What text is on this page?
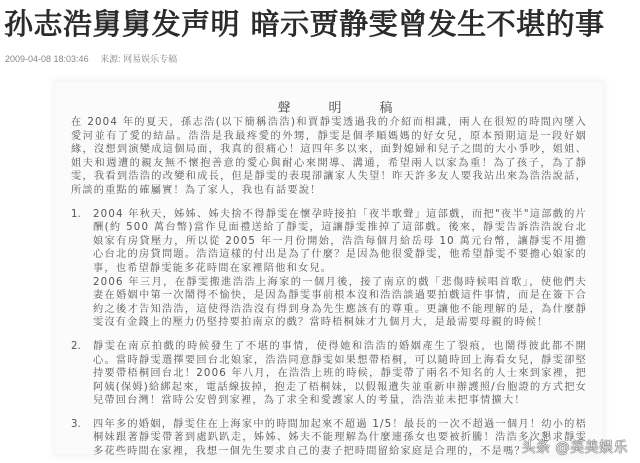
孙志浩舅舅发声明 暗示贾静雯曾发生不堪的事
2009-04-08 18:03:46 来源: 网易娱乐专稿
聲明稿

在 2004 年的夏天，孫志浩(以下簡稱浩浩)和賈靜雯透過我的介紹而相識，兩人在很短的時間內墜入愛河並有了愛的結晶。浩浩是我最疼愛的外甥，靜雯是個孝順媽媽的好女兒，原本預期這是一段好姻緣，沒想到演變成這個局面，我真的很痛心！這四年多以來，面對媳婦和兒子之間的大小爭吵，姐姐、姐夫和週遭的親友無不懷抱善意的愛心與耐心來開導、溝通，希望兩人以家為重！為了孩子，為了靜雯，我看到浩浩的改變和成長，但是靜雯的表現卻讓家人失望！昨天許多友人要我站出來為浩浩說話，所談的重點的確屬實！為了家人，我也有話要說！

1.	2004 年秋天，姊姊、姊夫捨不得靜雯在懷孕時接拍「夜半歌聲」這部戲，而把"夜半"這部戲的片酬(約 500 萬台幣)當作見面禮送給了靜雯，這讓靜雯推掉了這部戲。後來，靜雯告訴浩浩說台北娘家有房貸壓力，所以從 2005 年一月份開始，浩浩每個月給岳母 10 萬元台幣，讓靜雯不用擔心台北的房貸問題。浩浩這樣的付出是為了什麼？是因為他很愛靜雯，他希望靜雯不要擔心娘家的事，也希望靜雯能多花時間在家裡陪他和女兒。

2006 年三月，在靜雯搬進浩浩上海家的一個月後，接了南京的戲「悲傷時候唱首歌」，使他們夫妻在婚姻中第一次鬧得不愉快，是因為靜雯事前根本沒和浩浩談過要拍戲這件事情，而是在簽下合約之後才告知浩浩，這使得浩浩沒有得到身為先生應該有的尊重。更讓他不能理解的是，為什麼靜雯沒有金錢上的壓力仍堅持要拍南京的戲？當時梧桐妹才九個月大，是最需要母親的時候！

2.	靜雯在南京拍戲的時候發生了不堪的事情，使得她和浩浩的婚姻產生了裂痕，也鬧得彼此都不開心。當時靜雯選擇要回台北娘家，浩浩同意靜雯如果想帶梧桐，可以隨時回上海看女兒，靜雯卻堅持要帶梧桐回台北！2006 年八月，在浩浩上班的時候，靜雯帶了兩名不知名的人士來到家裡，把阿姨(保姆)給綁起來，電話線拔掉，抱走了梧桐妹，以假報遺失並重新申辦護照/台胞證的方式把女兒帶回台灣！當時公安曾到家裡，為了求全和愛護家人的考量，浩浩並未把事情擴大！

3.	四年多的婚姻，靜雯住在上海家中的時間加起來不超過 1/5！最長的一次不超過一個月！幼小的梧桐妹跟著靜雯帶著到處趴趴走，姊姊、姊夫不能理解為什麼連孫女也要被折騰！浩浩多次懇求靜雯多花些時間在家裡，我想一個先生要求自己的妻子把時間留給家庭是合理的，不是嗎？

头条 @美美娱乐
